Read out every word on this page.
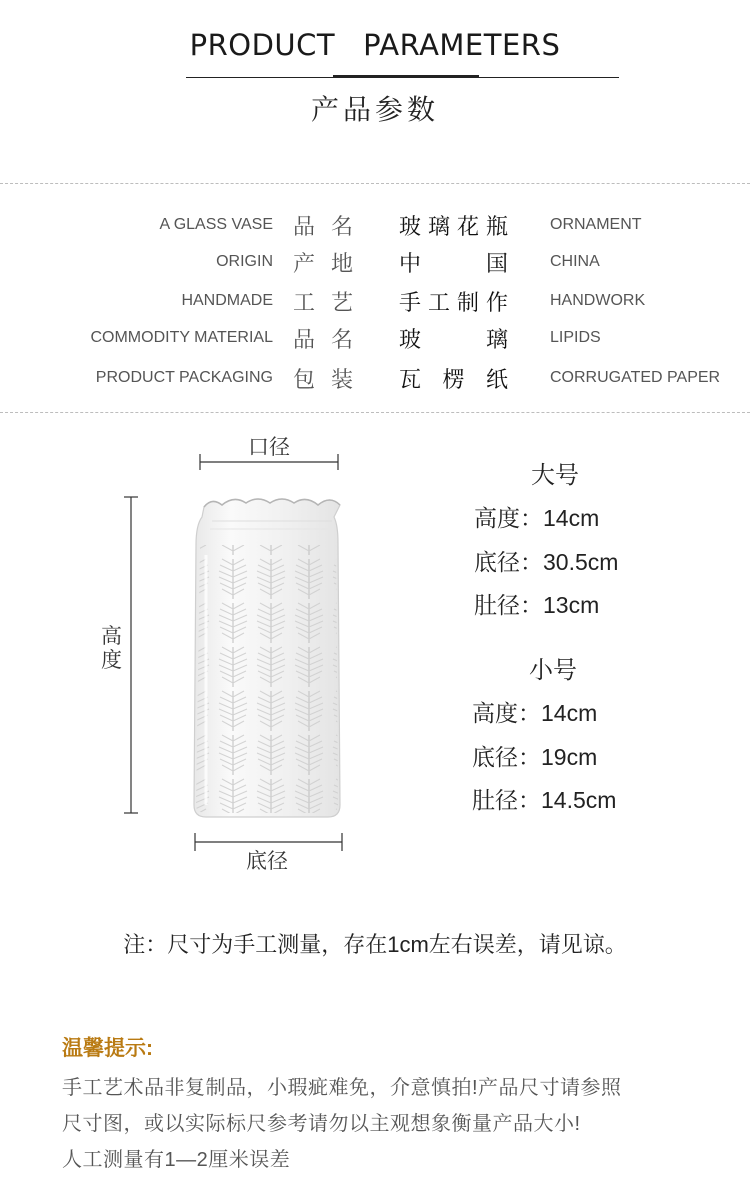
PRODUCT PARAMETERS
产品参数
A GLASS VASE 品名 玻璃花瓶	ORNAMENT
ORIGIN 产地 中国	CHINA
HANDMADE 工艺 手工制作	HANDWORK
COMMODITY MATERIAL 品名 玻璃	LIPIDS
PRODUCT PACKAGING 包装 瓦楞纸	CORRUGATED PAPER
口径
高度
底径
大号
高度：14cm
底径：30.5cm
肚径：13cm
小号
高度：14cm
底径：19cm
肚径：14.5cm
注：尺寸为手工测量，存在1cm左右误差，请见谅。
温馨提示:
手工艺术品非复制品，小瑕疵难免，介意慎拍!产品尺寸请参照
尺寸图，或以实际标尺参考请勿以主观想象衡量产品大小!
人工测量有1—2厘米误差
